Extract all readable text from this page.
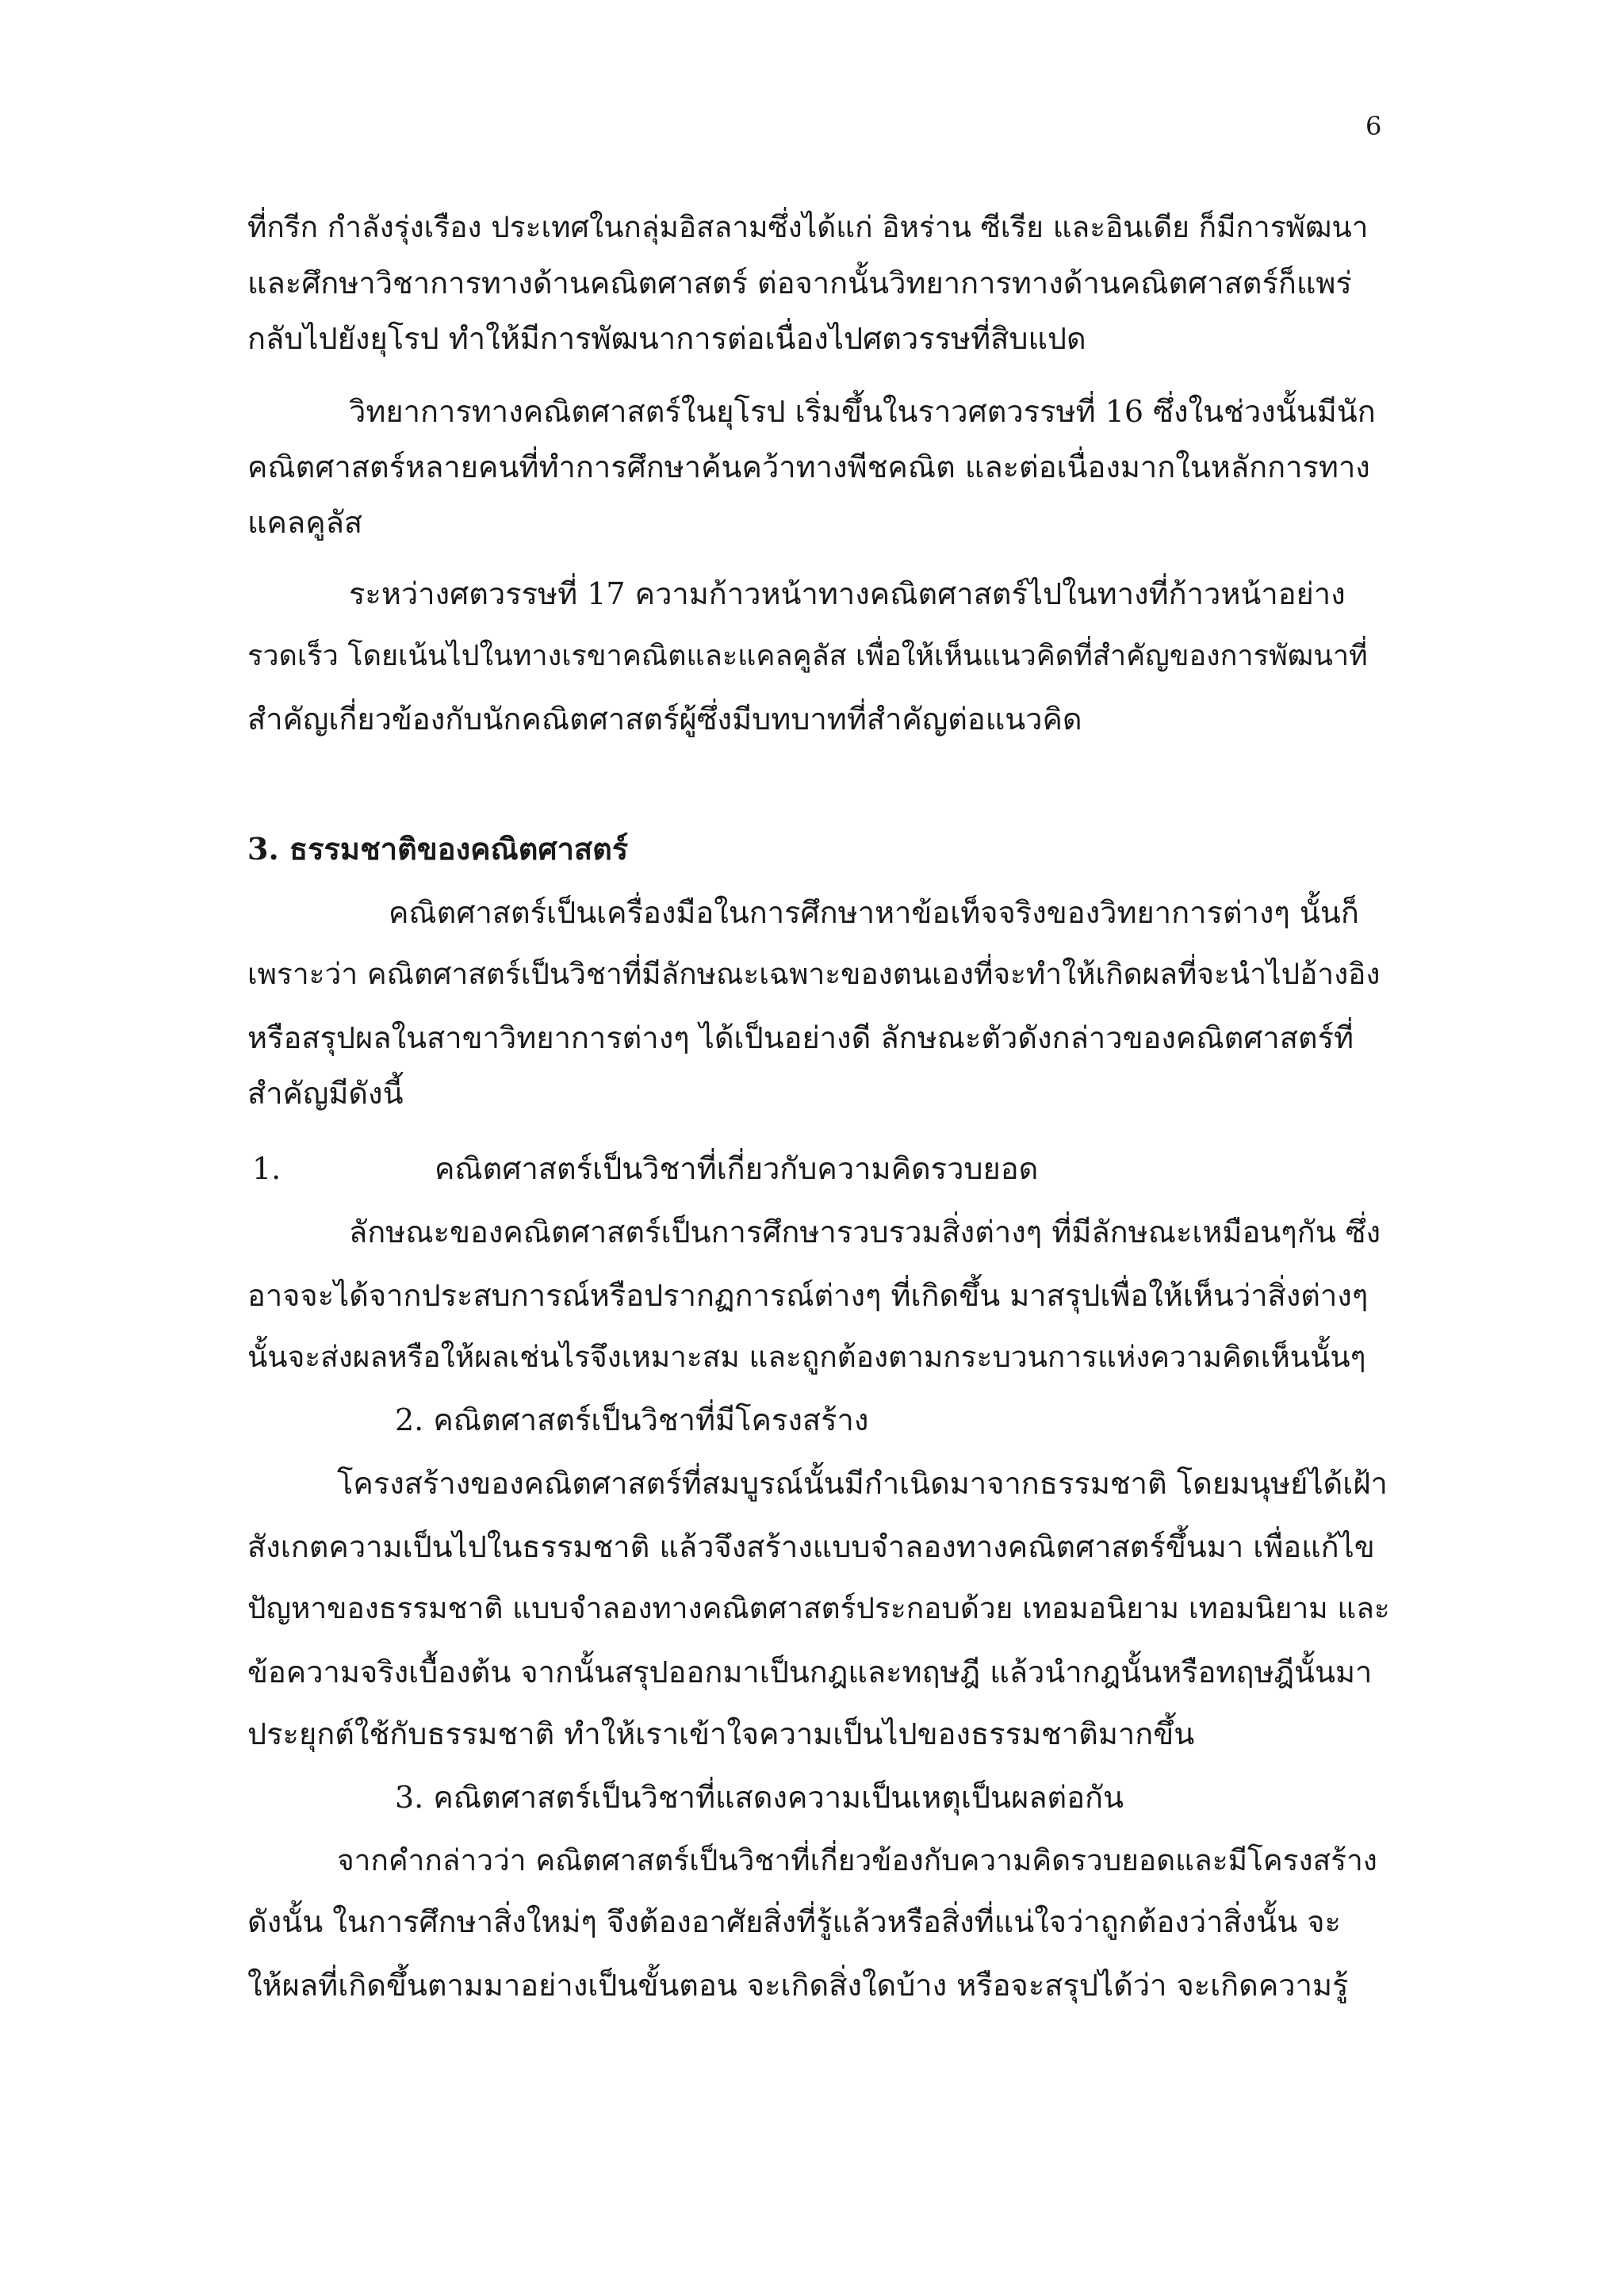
6
ที่กรีก กำลังรุ่งเรือง ประเทศในกลุ่มอิสลามซึ่งได้แก่ อิหร่าน ซีเรีย และอินเดีย ก็มีการพัฒนา
และศึกษาวิชาการทางด้านคณิตศาสตร์ ต่อจากนั้นวิทยาการทางด้านคณิตศาสตร์ก็แพร่
กลับไปยังยุโรป ทำให้มีการพัฒนาการต่อเนื่องไปศตวรรษที่สิบแปด
วิทยาการทางคณิตศาสตร์ในยุโรป เริ่มขึ้นในราวศตวรรษที่ 16 ซึ่งในช่วงนั้นมีนัก
คณิตศาสตร์หลายคนที่ทำการศึกษาค้นคว้าทางพีชคณิต และต่อเนื่องมากในหลักการทาง
แคลคูลัส
ระหว่างศตวรรษที่ 17 ความก้าวหน้าทางคณิตศาสตร์ไปในทางที่ก้าวหน้าอย่าง
รวดเร็ว โดยเน้นไปในทางเรขาคณิตและแคลคูลัส เพื่อให้เห็นแนวคิดที่สำคัญของการพัฒนาที่
สำคัญเกี่ยวข้องกับนักคณิตศาสตร์ผู้ซึ่งมีบทบาทที่สำคัญต่อแนวคิด
3. ธรรมชาติของคณิตศาสตร์
คณิตศาสตร์เป็นเครื่องมือในการศึกษาหาข้อเท็จจริงของวิทยาการต่างๆ นั้นก็
เพราะว่า คณิตศาสตร์เป็นวิชาที่มีลักษณะเฉพาะของตนเองที่จะทำให้เกิดผลที่จะนำไปอ้างอิง
หรือสรุปผลในสาขาวิทยาการต่างๆ ได้เป็นอย่างดี ลักษณะตัวดังกล่าวของคณิตศาสตร์ที่
สำคัญมีดังนี้
1.	คณิตศาสตร์เป็นวิชาที่เกี่ยวกับความคิดรวบยอด
ลักษณะของคณิตศาสตร์เป็นการศึกษารวบรวมสิ่งต่างๆ ที่มีลักษณะเหมือนๆกัน ซึ่ง
อาจจะได้จากประสบการณ์หรือปรากฏการณ์ต่างๆ ที่เกิดขึ้น มาสรุปเพื่อให้เห็นว่าสิ่งต่างๆ
นั้นจะส่งผลหรือให้ผลเช่นไรจึงเหมาะสม และถูกต้องตามกระบวนการแห่งความคิดเห็นนั้นๆ
2. คณิตศาสตร์เป็นวิชาที่มีโครงสร้าง
โครงสร้างของคณิตศาสตร์ที่สมบูรณ์นั้นมีกำเนิดมาจากธรรมชาติ โดยมนุษย์ได้เฝ้า
สังเกตความเป็นไปในธรรมชาติ แล้วจึงสร้างแบบจำลองทางคณิตศาสตร์ขึ้นมา เพื่อแก้ไข
ปัญหาของธรรมชาติ แบบจำลองทางคณิตศาสตร์ประกอบด้วย เทอมอนิยาม เทอมนิยาม และ
ข้อความจริงเบื้องต้น จากนั้นสรุปออกมาเป็นกฎและทฤษฎี แล้วนำกฎนั้นหรือทฤษฎีนั้นมา
ประยุกต์ใช้กับธรรมชาติ ทำให้เราเข้าใจความเป็นไปของธรรมชาติมากขึ้น
3. คณิตศาสตร์เป็นวิชาที่แสดงความเป็นเหตุเป็นผลต่อกัน
จากคำกล่าวว่า คณิตศาสตร์เป็นวิชาที่เกี่ยวข้องกับความคิดรวบยอดและมีโครงสร้าง
ดังนั้น ในการศึกษาสิ่งใหม่ๆ จึงต้องอาศัยสิ่งที่รู้แล้วหรือสิ่งที่แน่ใจว่าถูกต้องว่าสิ่งนั้น จะ
ให้ผลที่เกิดขึ้นตามมาอย่างเป็นขั้นตอน จะเกิดสิ่งใดบ้าง หรือจะสรุปได้ว่า จะเกิดความรู้
